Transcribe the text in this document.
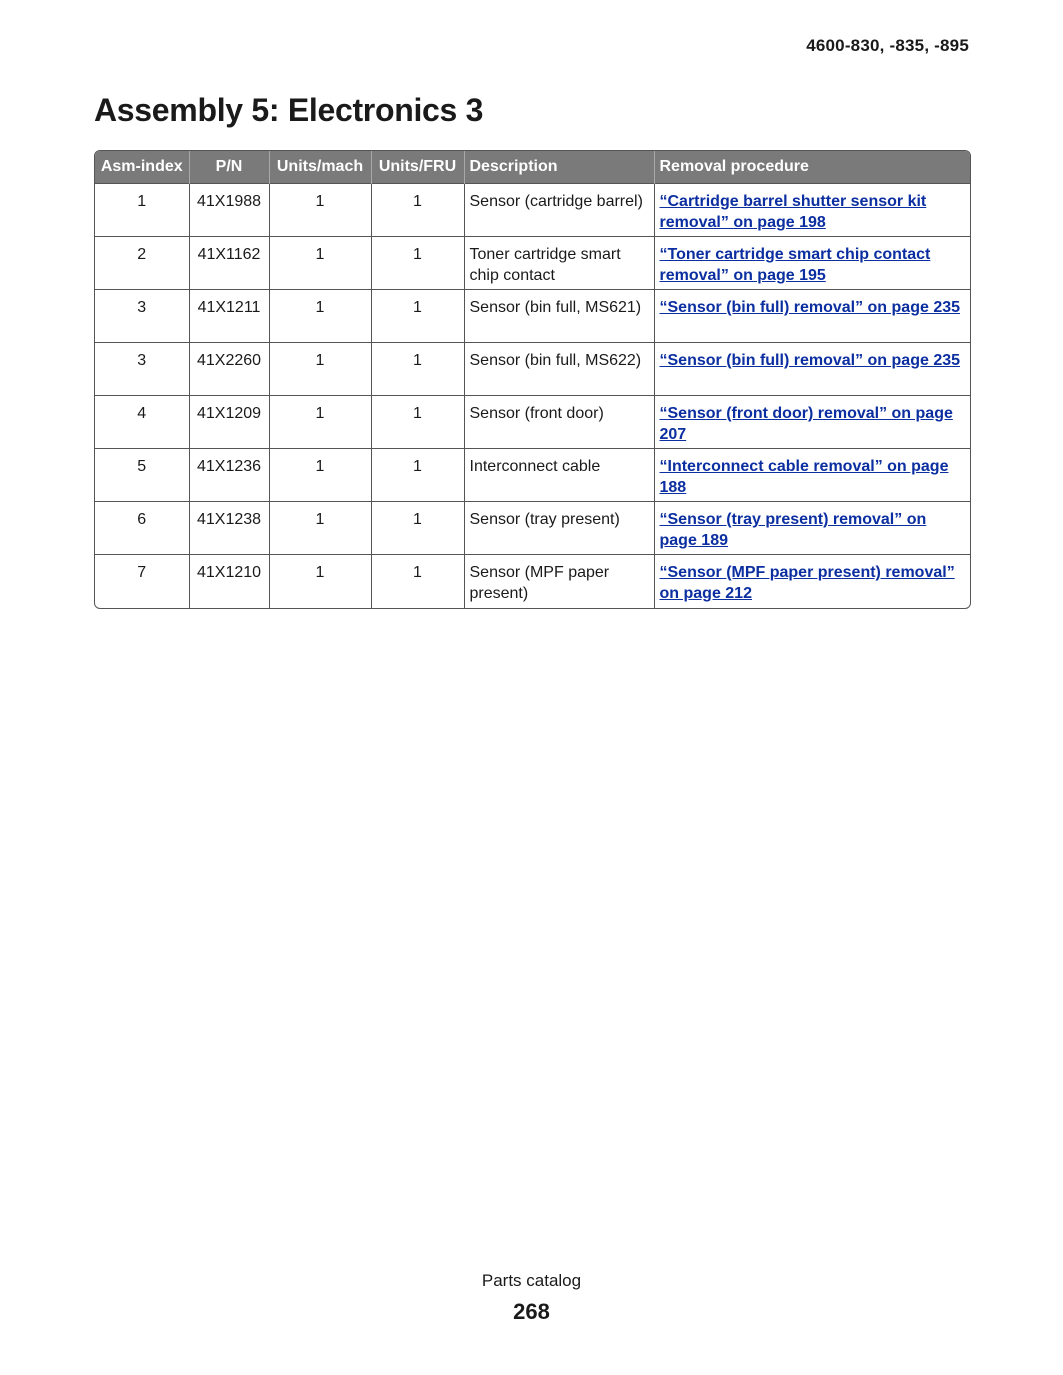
4600-830, -835, -895
Assembly 5: Electronics 3
Asm-index	P/N	Units/mach	Units/FRU	Description	Removal procedure
1	41X1988	1	1	Sensor (cartridge barrel)	“Cartridge barrel shutter sensor kit removal” on page 198
2	41X1162	1	1	Toner cartridge smart chip contact	“Toner cartridge smart chip contact removal” on page 195
3	41X1211	1	1	Sensor (bin full, MS621)	“Sensor (bin full) removal” on page 235
3	41X2260	1	1	Sensor (bin full, MS622)	“Sensor (bin full) removal” on page 235
4	41X1209	1	1	Sensor (front door)	“Sensor (front door) removal” on page 207
5	41X1236	1	1	Interconnect cable	“Interconnect cable removal” on page 188
6	41X1238	1	1	Sensor (tray present)	“Sensor (tray present) removal” on page 189
7	41X1210	1	1	Sensor (MPF paper present)	“Sensor (MPF paper present) removal” on page 212
Parts catalog
268
